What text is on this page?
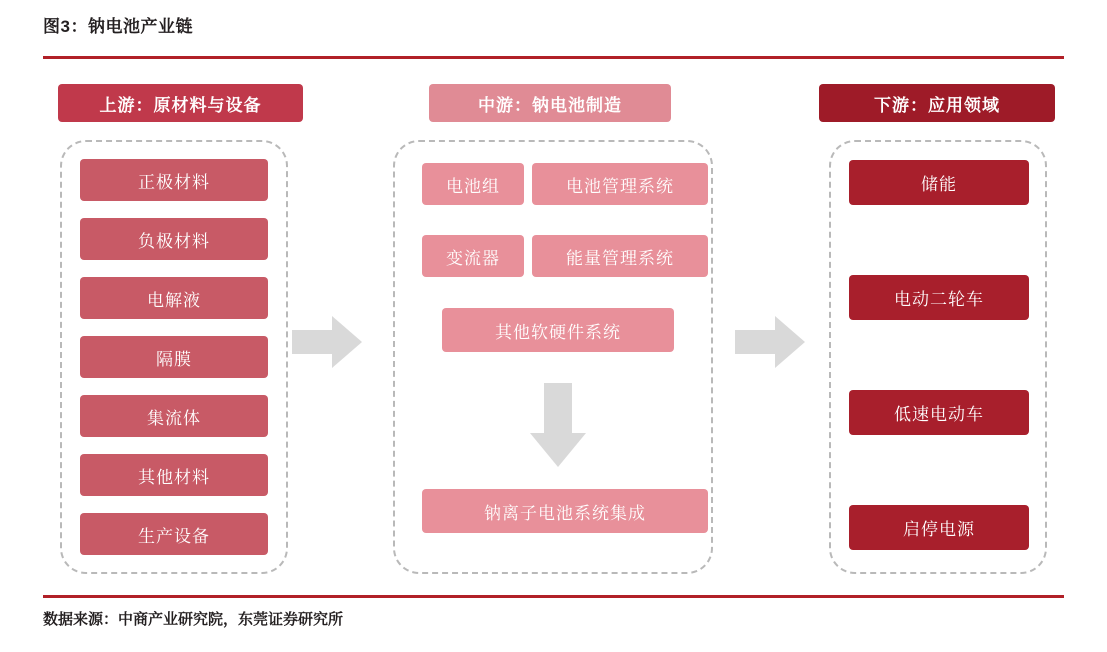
图3：钠电池产业链
上游：原材料与设备
正极材料
负极材料
电解液
隔膜
集流体
其他材料
生产设备
中游：钠电池制造
电池组	电池管理系统
变流器	能量管理系统
其他软硬件系统
钠离子电池系统集成
下游：应用领域
储能
电动二轮车
低速电动车
启停电源
数据来源：中商产业研究院，东莞证券研究所
